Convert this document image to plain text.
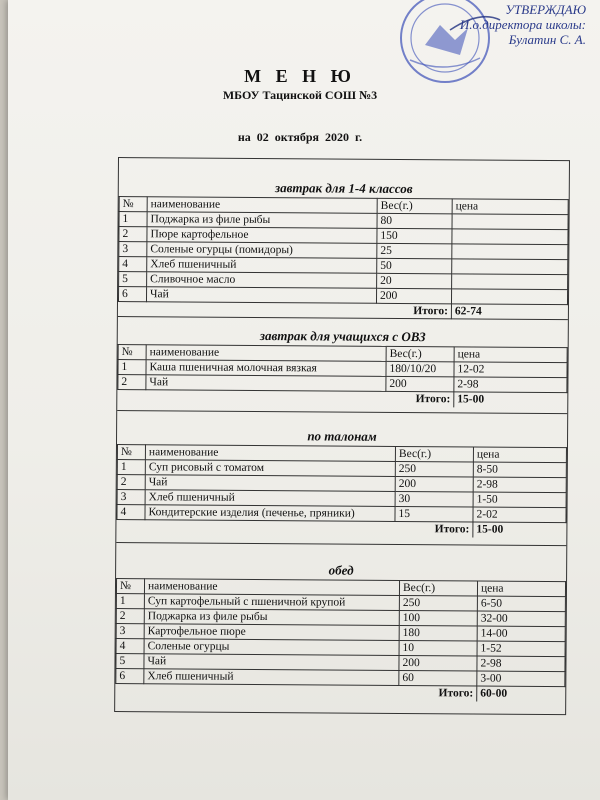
УТВЕРЖДАЮ
И.о.директора школы:
Булатин С. А.
М Е Н Ю
МБОУ Тацинской СОШ №3
на 02 октября 2020 г.
завтрак для 1-4 классов
№	наименование	Вес(г.)	цена
1	Поджарка из филе рыбы	80	
2	Пюре картофельное	150	
3	Соленые огурцы (помидоры)	25	
4	Хлеб пшеничный	50	
5	Сливочное масло	20	
6	Чай	200	
Итого:			62-74
завтрак для учащихся с ОВЗ
№	наименование	Вес(г.)	цена
1	Каша пшеничная молочная вязкая	180/10/20	12-02
2	Чай	200	2-98
Итого:			15-00
по талонам
№	наименование	Вес(г.)	цена
1	Суп рисовый с томатом	250	8-50
2	Чай	200	2-98
3	Хлеб пшеничный	30	1-50
4	Кондитерские изделия (печенье, пряники)	15	2-02
Итого:			15-00
обед
№	наименование	Вес(г.)	цена
1	Суп картофельный с пшеничной крупой	250	6-50
2	Поджарка из филе рыбы	100	32-00
3	Картофельное пюре	180	14-00
4	Соленые огурцы	10	1-52
5	Чай	200	2-98
6	Хлеб пшеничный	60	3-00
Итого:			60-00
